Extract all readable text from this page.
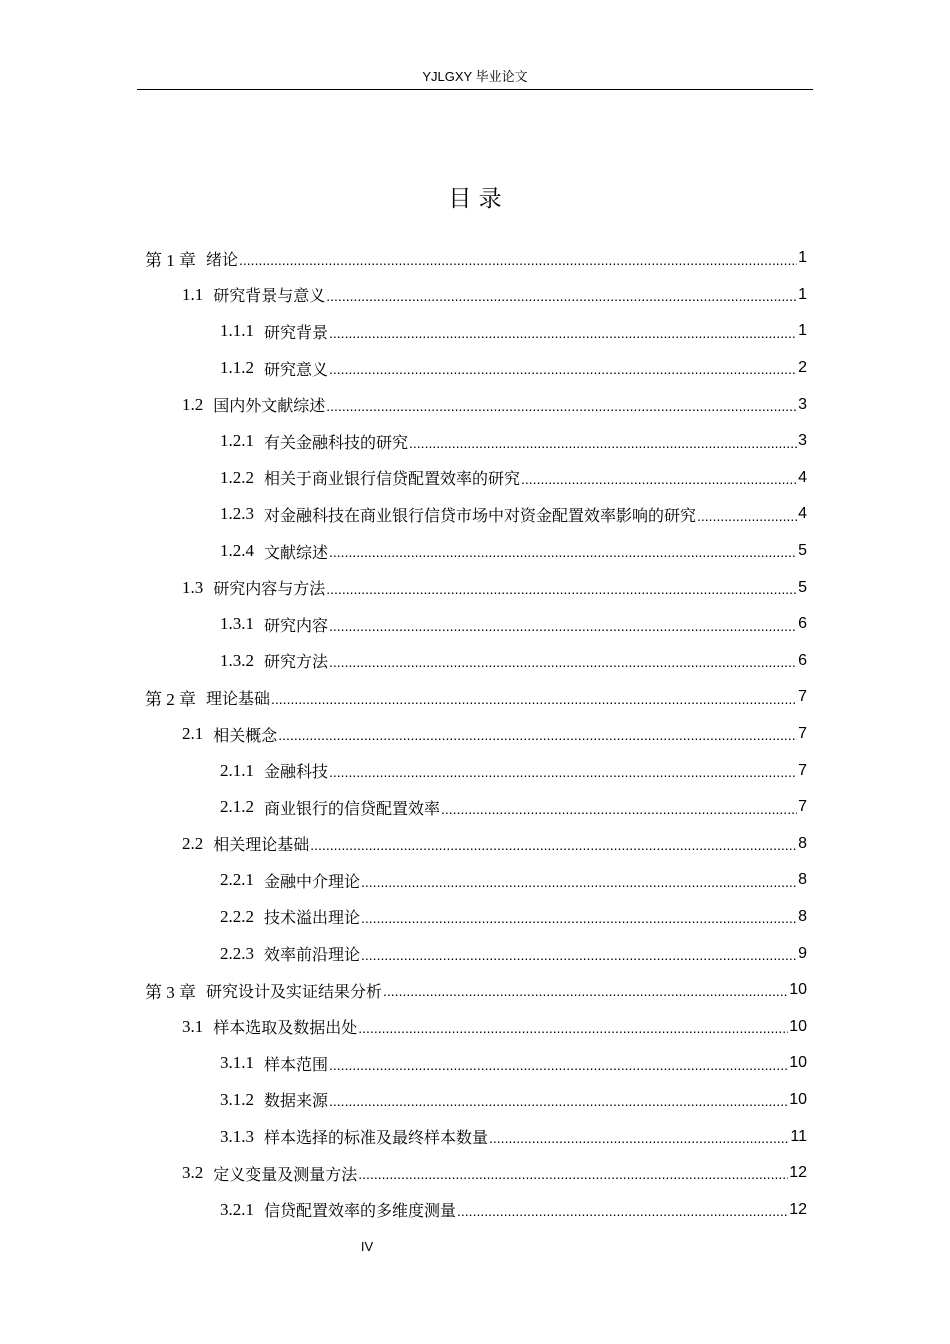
YJLGXY 毕业论文
目 录
第 1 章 绪论 .....	1
1.1 研究背景与意义 .....	1
1.1.1 研究背景 .....	1
1.1.2 研究意义 .....	2
1.2 国内外文献综述 .....	3
1.2.1 有关金融科技的研究 .....	3
1.2.2 相关于商业银行信贷配置效率的研究 .....	4
1.2.3 对金融科技在商业银行信贷市场中对资金配置效率影响的研究 .....	4
1.2.4 文献综述 .....	5
1.3 研究内容与方法 .....	5
1.3.1 研究内容 .....	6
1.3.2 研究方法 .....	6
第 2 章 理论基础 .....	7
2.1 相关概念 .....	7
2.1.1 金融科技 .....	7
2.1.2 商业银行的信贷配置效率 .....	7
2.2 相关理论基础 .....	8
2.2.1 金融中介理论 .....	8
2.2.2 技术溢出理论 .....	8
2.2.3 效率前沿理论 .....	9
第 3 章 研究设计及实证结果分析 .....	10
3.1 样本选取及数据出处 .....	10
3.1.1 样本范围 .....	10
3.1.2 数据来源 .....	10
3.1.3 样本选择的标准及最终样本数量 .....	11
3.2 定义变量及测量方法 .....	12
3.2.1 信贷配置效率的多维度测量 .....	12
IV
